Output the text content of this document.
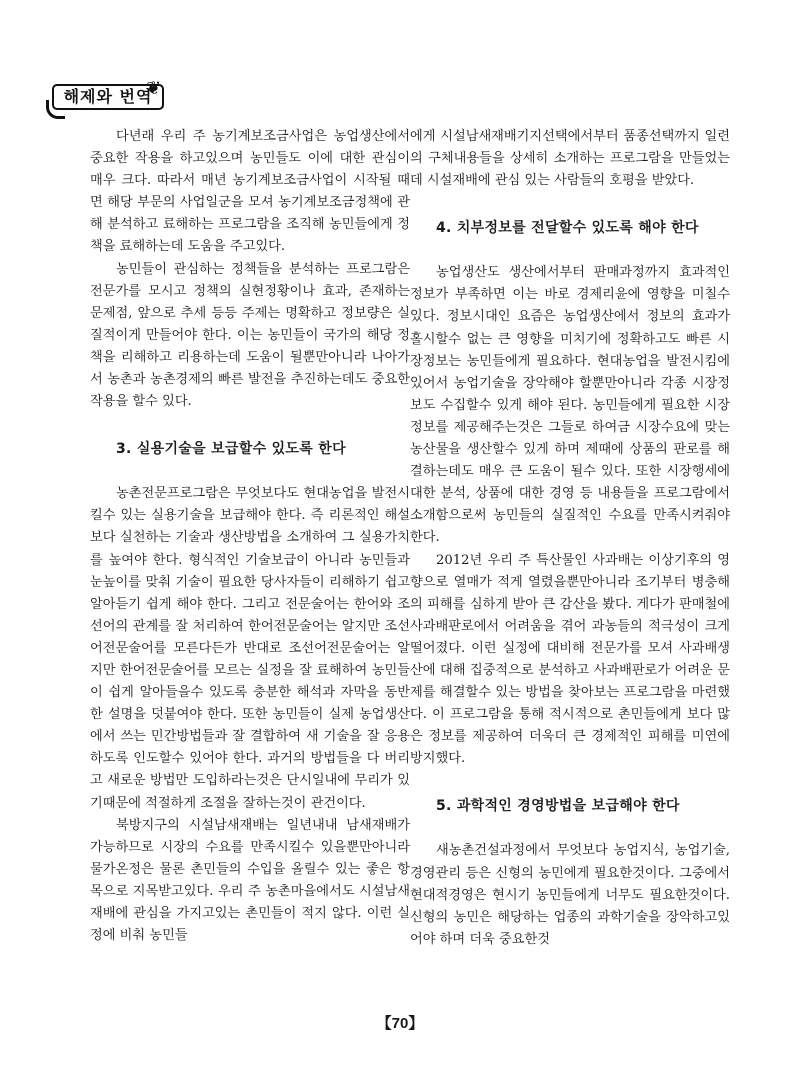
해제와 번역
❦

다년래 우리 주 농기계보조금사업은 농업생산에서 중요한 작용을 하고있으며 농민들도 이에 대한 관심이 매우 크다. 따라서 매년 농기계보조금사업이 시작될 때면 해당 부문의 사업일군을 모셔 농기계보조금정책에 관해 분석하고 료해하는 프로그람을 조직해 농민들에게 정책을 료해하는데 도움을 주고있다.

농민들이 관심하는 정책들을 분석하는 프로그람은 전문가를 모시고 정책의 실현정황이나 효과, 존재하는 문제점, 앞으로 추세 등등 주제는 명확하고 정보량은 실질적이게 만들어야 한다. 이는 농민들이 국가의 해당 정책을 리해하고 리용하는데 도움이 될뿐만아니라 나아가서 농촌과 농촌경제의 빠른 발전을 추진하는데도 중요한 작용을 할수 있다.

3. 실용기술을 보급할수 있도록 한다

농촌전문프로그람은 무엇보다도 현대농업을 발전시킬수 있는 실용기술을 보급해야 한다. 즉 리론적인 해설보다 실천하는 기술과 생산방법을 소개하여 그 실용가치를 높여야 한다. 형식적인 기술보급이 아니라 농민들과 눈높이를 맞춰 기술이 필요한 당사자들이 리해하기 쉽고 알아듣기 쉽게 해야 한다. 그리고 전문술어는 한어와 조선어의 관계를 잘 처리하여 한어전문술어는 알지만 조선어전문술어를 모른다든가 반대로 조선어전문술어는 알지만 한어전문술어를 모르는 실정을 잘 료해하여 농민들이 쉽게 알아들을수 있도록 충분한 해석과 자막을 동반한 설명을 덧붙여야 한다. 또한 농민들이 실제 농업생산에서 쓰는 민간방법들과 잘 결합하여 새 기술을 잘 응용하도록 인도할수 있어야 한다. 과거의 방법들을 다 버리고 새로운 방법만 도입하라는것은 단시일내에 무리가 있기때문에 적절하게 조절을 잘하는것이 관건이다.

북방지구의 시설남새재배는 일년내내 남새재배가 가능하므로 시장의 수요를 만족시킬수 있을뿐만아니라 물가온정은 물론 촌민들의 수입을 올릴수 있는 좋은 항목으로 지목받고있다. 우리 주 농촌마을에서도 시설남새재배에 관심을 가지고있는 촌민들이 적지 않다. 이런 실정에 비춰 농민들

에게 시설남새재배기지선택에서부터 품종선택까지 일련의 구체내용들을 상세히 소개하는 프로그람을 만들었는데 시설재배에 관심 있는 사람들의 호평을 받았다.

4. 치부정보를 전달할수 있도록 해야 한다

농업생산도 생산에서부터 판매과정까지 효과적인 정보가 부족하면 이는 바로 경제리윤에 영향을 미칠수 있다. 정보시대인 요즘은 농업생산에서 정보의 효과가 홀시할수 없는 큰 영향을 미치기에 정확하고도 빠른 시장정보는 농민들에게 필요하다. 현대농업을 발전시킴에 있어서 농업기술을 장악해야 할뿐만아니라 각종 시장정보도 수집할수 있게 해야 된다. 농민들에게 필요한 시장정보를 제공해주는것은 그들로 하여금 시장수요에 맞는 농산물을 생산할수 있게 하며 제때에 상품의 판로를 해결하는데도 매우 큰 도움이 될수 있다. 또한 시장행세에 대한 분석, 상품에 대한 경영 등 내용들을 프로그람에서 소개함으로써 농민들의 실질적인 수요를 만족시켜줘야 한다.

2012년 우리 주 특산물인 사과배는 이상기후의 영향으로 열매가 적게 열렸을뿐만아니라 조기부터 병충해의 피해를 심하게 받아 큰 감산을 봤다. 게다가 판매철에 사과배판로에서 어려움을 겪어 과농들의 적극성이 크게 떨어졌다. 이런 실정에 대비해 전문가를 모셔 사과배생산에 대해 집중적으로 분석하고 사과배판로가 어려운 문제를 해결할수 있는 방법을 찾아보는 프로그람을 마련했다. 이 프로그람을 통해 적시적으로 촌민들에게 보다 많은 정보를 제공하여 더욱더 큰 경제적인 피해를 미연에 방지했다.

5. 과학적인 경영방법을 보급해야 한다

새농촌건설과정에서 무엇보다 농업지식, 농업기술, 경영관리 등은 신형의 농민에게 필요한것이다. 그중에서 현대적경영은 현시기 농민들에게 너무도 필요한것이다. 신형의 농민은 해당하는 업종의 과학기술을 장악하고있어야 하며 더욱 중요한것

【70】
